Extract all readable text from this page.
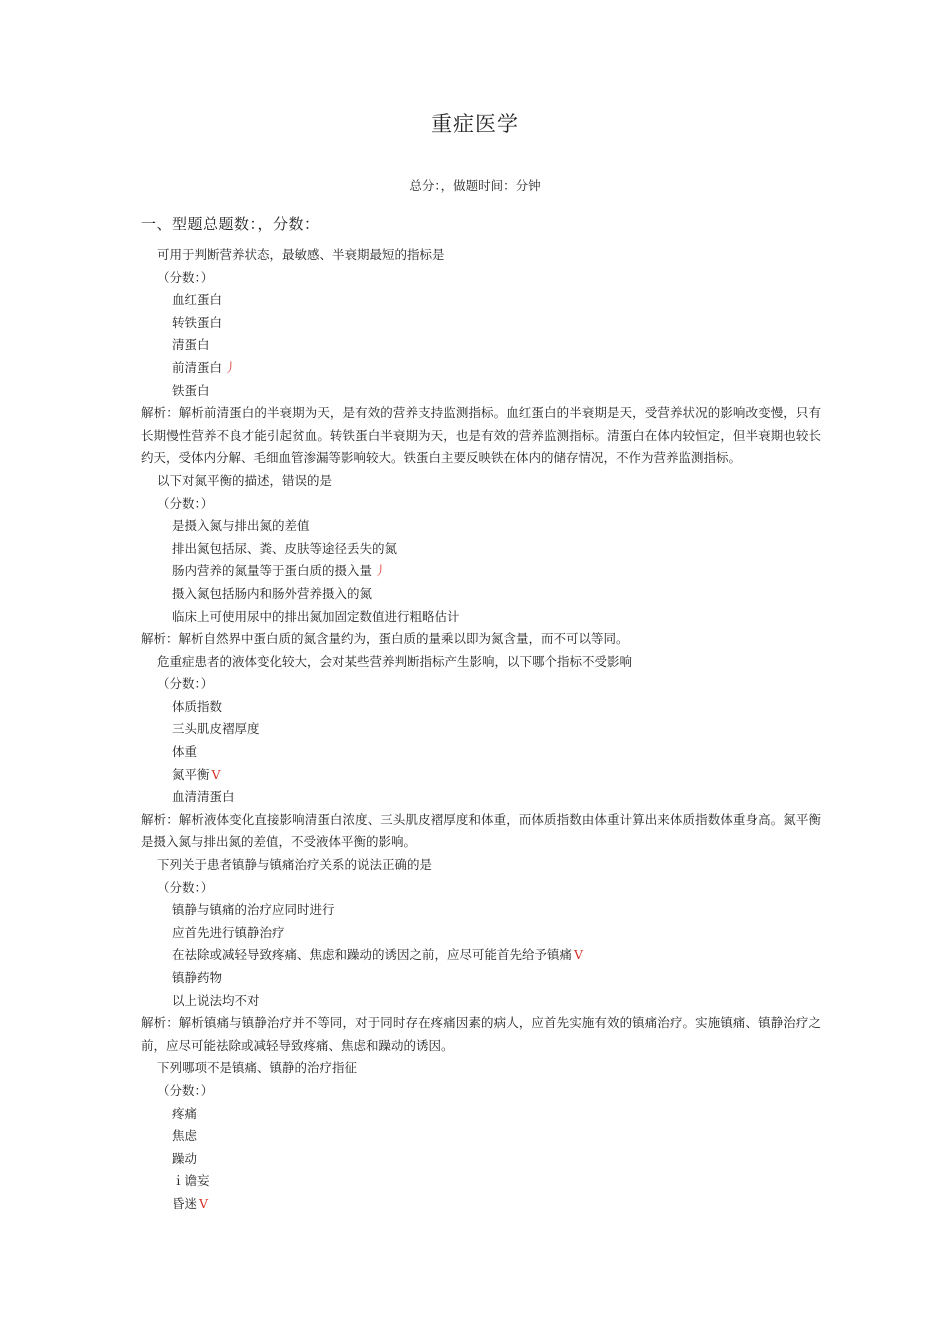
重症医学
总分：，做题时间：分钟
一、型题总题数：，分数：
可用于判断营养状态，最敏感、半衰期最短的指标是
（分数：）
血红蛋白
转铁蛋白
清蛋白
前清蛋白 丿
铁蛋白
解析：解析前清蛋白的半衰期为天，是有效的营养支持监测指标。血红蛋白的半衰期是天，受营养状况的影响改变慢，只有长期慢性营养不良才能引起贫血。转铁蛋白半衰期为天，也是有效的营养监测指标。清蛋白在体内较恒定，但半衰期也较长约天，受体内分解、毛细血管渗漏等影响较大。铁蛋白主要反映铁在体内的储存情况，不作为营养监测指标。
以下对氮平衡的描述，错误的是
（分数：）
是摄入氮与排出氮的差值
排出氮包括尿、粪、皮肤等途径丢失的氮
肠内营养的氮量等于蛋白质的摄入量 丿
摄入氮包括肠内和肠外营养摄入的氮
临床上可使用尿中的排出氮加固定数值进行粗略估计
解析：解析自然界中蛋白质的氮含量约为，蛋白质的量乘以即为氮含量，而不可以等同。
危重症患者的液体变化较大，会对某些营养判断指标产生影响，以下哪个指标不受影响
（分数：）
体质指数
三头肌皮褶厚度
体重
氮平衡 V
血清清蛋白
解析：解析液体变化直接影响清蛋白浓度、三头肌皮褶厚度和体重，而体质指数由体重计算出来体质指数体重身高。氮平衡是摄入氮与排出氮的差值，不受液体平衡的影响。
下列关于患者镇静与镇痛治疗关系的说法正确的是
（分数：）
镇静与镇痛的治疗应同时进行
应首先进行镇静治疗
在祛除或减轻导致疼痛、焦虑和躁动的诱因之前，应尽可能首先给予镇痛 V
镇静药物
以上说法均不对
解析：解析镇痛与镇静治疗并不等同，对于同时存在疼痛因素的病人，应首先实施有效的镇痛治疗。实施镇痛、镇静治疗之前，应尽可能祛除或减轻导致疼痛、焦虑和躁动的诱因。
下列哪项不是镇痛、镇静的治疗指征
（分数：）
疼痛
焦虑
躁动
ｉ谵妄
昏迷 V
